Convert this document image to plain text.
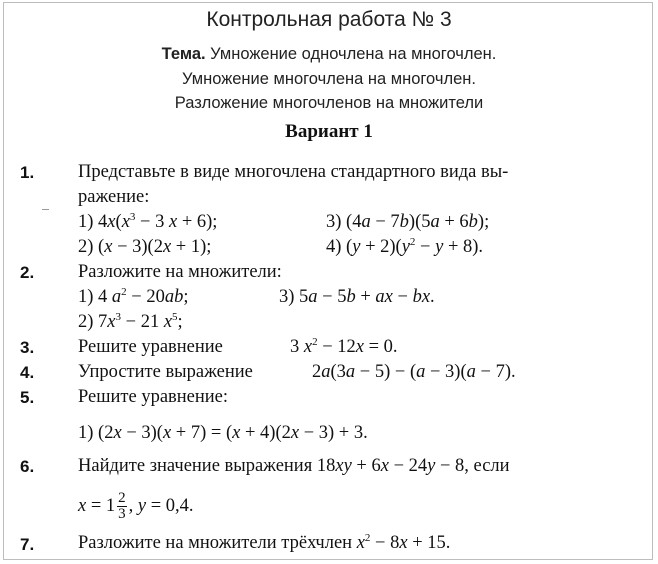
Контрольная работа № 3
Тема. Умножение одночлена на многочлен.
Умножение многочлена на многочлен.
Разложение многочленов на множители
Вариант 1
1. Представьте в виде многочлена стандартного вида вы-
ражение:
1) $4x(x^3 - 3$ x + 6);	3) (4a − 7b)(5a + 6b);
2) (x − 3)(2x + 1);	4) $(y + 2)(y^2 - y + 8)$.
2. Разложите на множители:
1) 4 $a^2 - 20ab$;	3) 5a − 5b + ax − bx.
2) $7x^3 - 21$ $x^5$;
3. Решите уравнение	3 $x^2 - 12x = 0$.
4. Упростите выражение	2a(3a − 5) − (a − 3)(a − 7).
5. Решите уравнение:
1) (2x − 3)(x + 7) = (x + 4)(2x − 3) + 3.
6. Найдите значение выражения 18xy + 6x − 24y − 8, если
$x = 1 \frac{2}{3}$ , y = 0,4.
7. Разложите на множители трёхчлен $x^2 - 8x + 15$.
